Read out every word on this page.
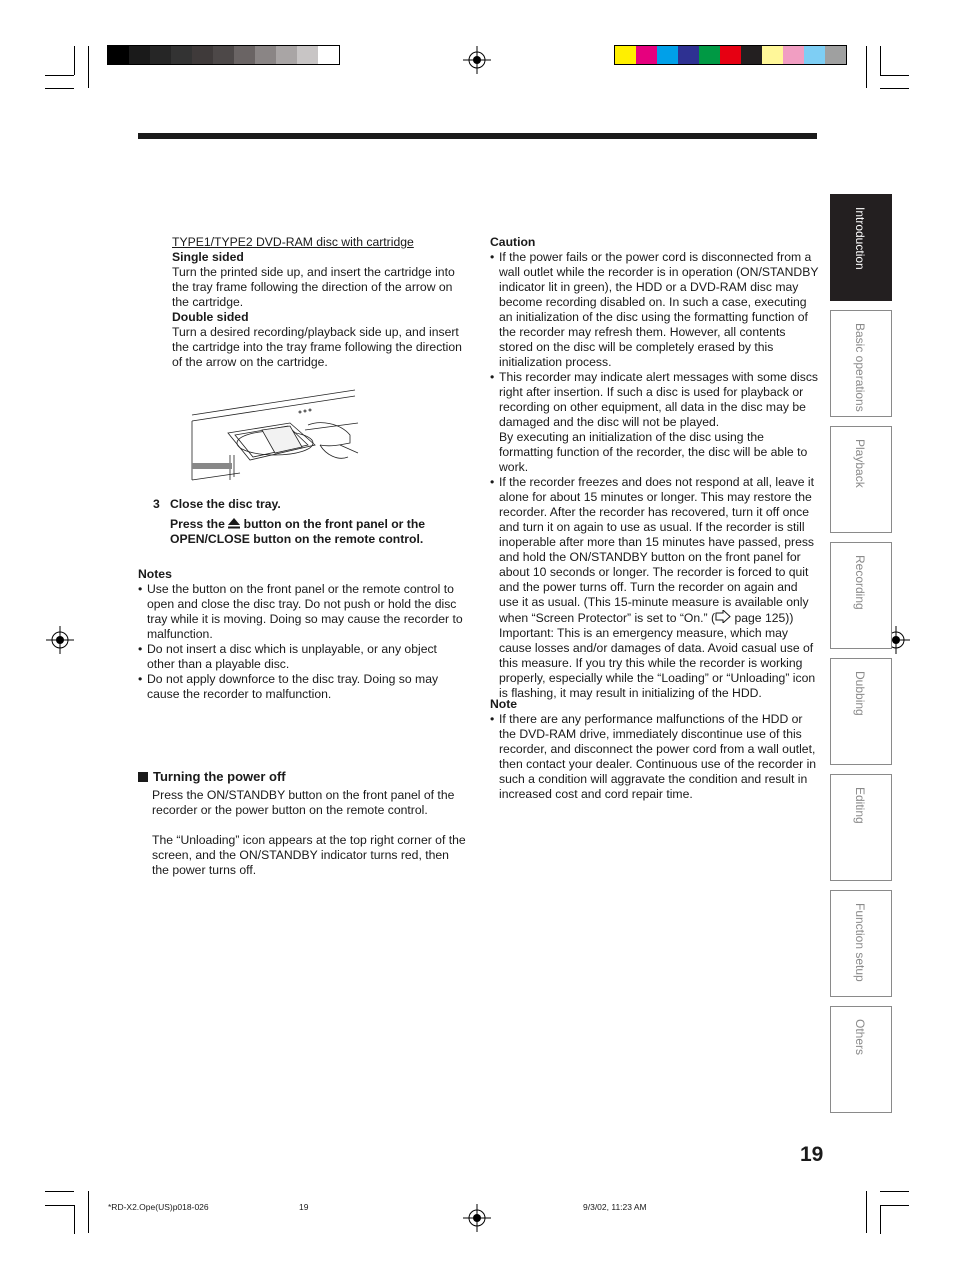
Introduction
Basic operations
Playback
Recording
Dubbing
Editing
Function setup
Others

TYPE1/TYPE2 DVD-RAM disc with cartridge

Single sided

Turn the printed side up, and insert the cartridge into the tray frame following the direction of the arrow on the cartridge.

Double sided

Turn a desired recording/playback side up, and insert the cartridge into the tray frame following the direction of the arrow on the cartridge.

3 Close the disc tray.

Press the button on the front panel or the

OPEN/CLOSE button on the remote control.

Notes

• Use the button on the front panel or the remote control to open and close the disc tray. Do not push or hold the disc tray while it is moving. Doing so may cause the recorder to malfunction.
• Do not insert a disc which is unplayable, or any object other than a playable disc.
• Do not apply downforce to the disc tray. Doing so may cause the recorder to malfunction.
Turning the power off

Press the ON/STANDBY button on the front panel of the recorder or the power button on the remote control.

The “Unloading” icon appears at the top right corner of the screen, and the ON/STANDBY indicator turns red, then the power turns off.

Caution

• If the power fails or the power cord is disconnected from a wall outlet while the recorder is in operation (ON/STANDBY indicator lit in green), the HDD or a DVD-RAM disc may become recording disabled on. In such a case, executing an initialization of the disc using the formatting function of the recorder may refresh them. However, all contents stored on the disc will be completely erased by this initialization process.
• This recorder may indicate alert messages with some discs right after insertion. If such a disc is used for playback or recording on other equipment, all data in the disc may be damaged and the disc will not be played.
By executing an initialization of the disc using the formatting function of the recorder, the disc will be able to work.
• If the recorder freezes and does not respond at all, leave it alone for about 15 minutes or longer. This may restore the recorder. After the recorder has recovered, turn it off once and turn it on again to use as usual. If the recorder is still inoperable after more than 15 minutes have passed, press and hold the ON/STANDBY button on the front panel for about 10 seconds or longer. The recorder is forced to quit and the power turns off. Turn the recorder on again and use it as usual. (This 15-minute measure is available only when “Screen Protector” is set to “On.” ( page 125))
Important: This is an emergency measure, which may cause losses and/or damages of data. Avoid casual use of this measure. If you try this while the recorder is working properly, especially while the “Loading” or “Unloading” icon is flashing, it may result in initializing of the HDD.

Note

• If there are any performance malfunctions of the HDD or the DVD-RAM drive, immediately discontinue use of this recorder, and disconnect the power cord from a wall outlet, then contact your dealer. Continuous use of the recorder in such a condition will aggravate the condition and result in increased cost and cord repair time.
19
*RD-X2.Ope(US)p018-026	19	9/3/02, 11:23 AM
